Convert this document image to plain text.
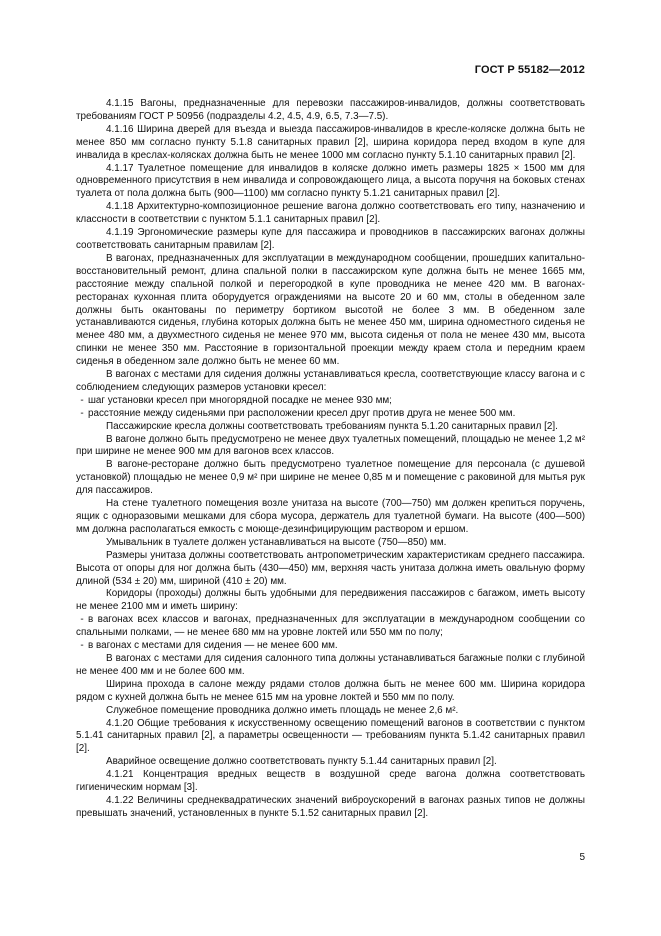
ГОСТ Р 55182—2012

4.1.15 Вагоны, предназначенные для перевозки пассажиров-инвалидов, должны соответствовать требованиям ГОСТ Р 50956 (подразделы 4.2, 4.5, 4.9, 6.5, 7.3—7.5).

4.1.16 Ширина дверей для въезда и выезда пассажиров-инвалидов в кресле-коляске должна быть не менее 850 мм согласно пункту 5.1.8 санитарных правил [2], ширина коридора перед входом в купе для инвалида в креслах-колясках должна быть не менее 1000 мм согласно пункту 5.1.10 санитарных правил [2].

4.1.17 Туалетное помещение для инвалидов в коляске должно иметь размеры 1825 × 1500 мм для одновременного присутствия в нем инвалида и сопровождающего лица, а высота поручня на боковых стенах туалета от пола должна быть (900—1100) мм согласно пункту 5.1.21 санитарных правил [2].

4.1.18 Архитектурно-композиционное решение вагона должно соответствовать его типу, назначению и классности в соответствии с пунктом 5.1.1 санитарных правил [2].

4.1.19 Эргономические размеры купе для пассажира и проводников в пассажирских вагонах должны соответствовать санитарным правилам [2].

В вагонах, предназначенных для эксплуатации в международном сообщении, прошедших капитально-восстановительный ремонт, длина спальной полки в пассажирском купе должна быть не менее 1665 мм, расстояние между спальной полкой и перегородкой в купе проводника не менее 420 мм. В вагонах-ресторанах кухонная плита оборудуется ограждениями на высоте 20 и 60 мм, столы в обеденном зале должны быть окантованы по периметру бортиком высотой не более 3 мм. В обеденном зале устанавливаются сиденья, глубина которых должна быть не менее 450 мм, ширина одноместного сиденья не менее 480 мм, а двухместного сиденья не менее 970 мм, высота сиденья от пола не менее 430 мм, высота спинки не менее 350 мм. Расстояние в горизонтальной проекции между краем стола и передним краем сиденья в обеденном зале должно быть не менее 60 мм.

В вагонах с местами для сидения должны устанавливаться кресла, соответствующие классу вагона и с соблюдением следующих размеров установки кресел:

- шаг установки кресел при многорядной посадке не менее 930 мм;

- расстояние между сиденьями при расположении кресел друг против друга не менее 500 мм.

Пассажирские кресла должны соответствовать требованиям пункта 5.1.20 санитарных правил [2].

В вагоне должно быть предусмотрено не менее двух туалетных помещений, площадью не менее 1,2 м² при ширине не менее 900 мм для вагонов всех классов.

В вагоне-ресторане должно быть предусмотрено туалетное помещение для персонала (с душевой установкой) площадью не менее 0,9 м² при ширине не менее 0,85 м и помещение с раковиной для мытья рук для пассажиров.

На стене туалетного помещения возле унитаза на высоте (700—750) мм должен крепиться поручень, ящик с одноразовыми мешками для сбора мусора, держатель для туалетной бумаги. На высоте (400—500) мм должна располагаться емкость с моюще-дезинфицирующим раствором и ершом.

Умывальник в туалете должен устанавливаться на высоте (750—850) мм.

Размеры унитаза должны соответствовать антропометрическим характеристикам среднего пассажира. Высота от опоры для ног должна быть (430—450) мм, верхняя часть унитаза должна иметь овальную форму длиной (534 ± 20) мм, шириной (410 ± 20) мм.

Коридоры (проходы) должны быть удобными для передвижения пассажиров с багажом, иметь высоту не менее 2100 мм и иметь ширину:

- в вагонах всех классов и вагонах, предназначенных для эксплуатации в международном сообщении со спальными полками, — не менее 680 мм на уровне локтей или 550 мм по полу;

- в вагонах с местами для сидения — не менее 600 мм.

В вагонах с местами для сидения салонного типа должны устанавливаться багажные полки с глубиной не менее 400 мм и не более 600 мм.

Ширина прохода в салоне между рядами столов должна быть не менее 600 мм. Ширина коридора рядом с кухней должна быть не менее 615 мм на уровне локтей и 550 мм по полу.

Служебное помещение проводника должно иметь площадь не менее 2,6 м².

4.1.20 Общие требования к искусственному освещению помещений вагонов в соответствии с пунктом 5.1.41 санитарных правил [2], а параметры освещенности — требованиям пункта 5.1.42 санитарных правил [2].

Аварийное освещение должно соответствовать пункту 5.1.44 санитарных правил [2].

4.1.21 Концентрация вредных веществ в воздушной среде вагона должна соответствовать гигиеническим нормам [3].

4.1.22 Величины среднеквадратических значений виброускорений в вагонах разных типов не должны превышать значений, установленных в пункте 5.1.52 санитарных правил [2].

5
